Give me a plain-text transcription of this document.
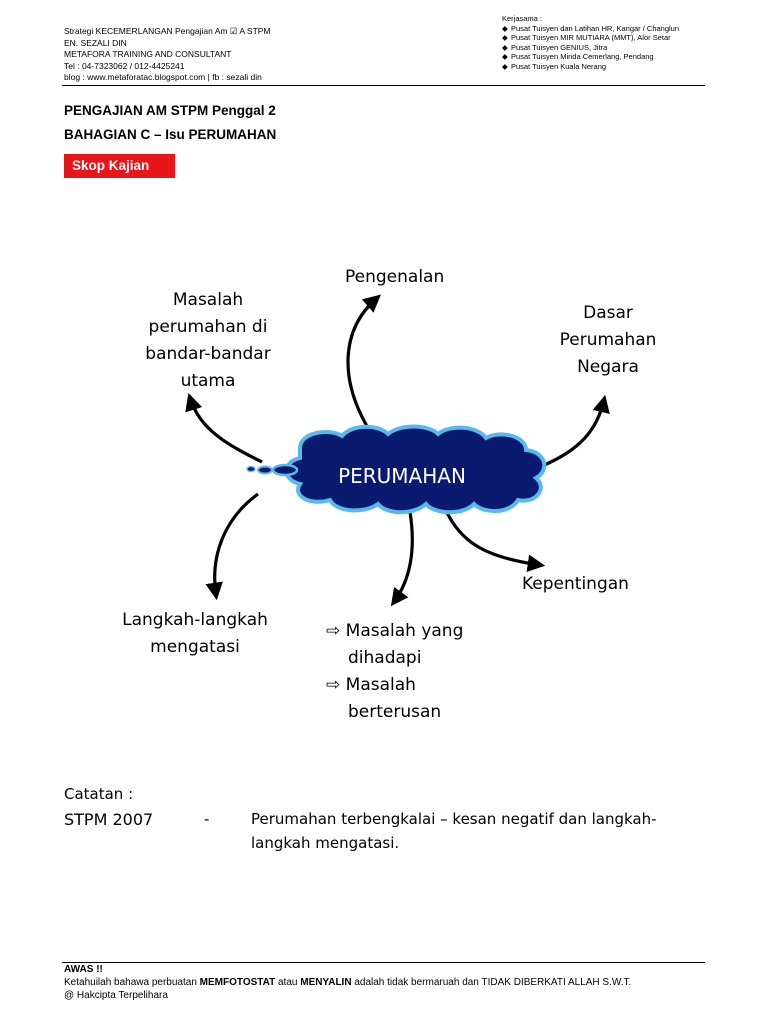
Strategi KECEMERLANGAN Pengajian Am ☑ A STPM
EN. SEZALI DIN
METAFORA TRAINING AND CONSULTANT
Tel : 04-7323062 / 012-4425241
blog : www.metaforatac.blogspot.com | fb : sezali din
Kerjasama :
◆ Pusat Tuisyen dan Latihan HR, Kangar / Changlun
◆ Pusat Tuisyen MIR MUTIARA (MMT), Alor Setar
◆ Pusat Tuisyen GENIUS, Jitra
◆ Pusat Tuisyen Minda Cemerlang, Pendang
◆ Pusat Tuisyen Kuala Nerang
PENGAJIAN AM STPM Penggal 2
BAHAGIAN C – Isu PERUMAHAN
Skop Kajian
PERUMAHAN
Pengenalan
Masalah
perumahan di
bandar-bandar
utama
Dasar
Perumahan
Negara
Kepentingan
Langkah-langkah
mengatasi
⇨ Masalah yang
dihadapi
⇨ Masalah
berterusan
Catatan :
STPM 2007	-	Perumahan terbengkalai – kesan negatif dan langkah-
langkah mengatasi.
AWAS !!
Ketahuilah bahawa perbuatan MEMFOTOSTAT atau MENYALIN adalah tidak bermaruah dan TIDAK DIBERKATI ALLAH S.W.T.
@ Hakcipta Terpelihara
